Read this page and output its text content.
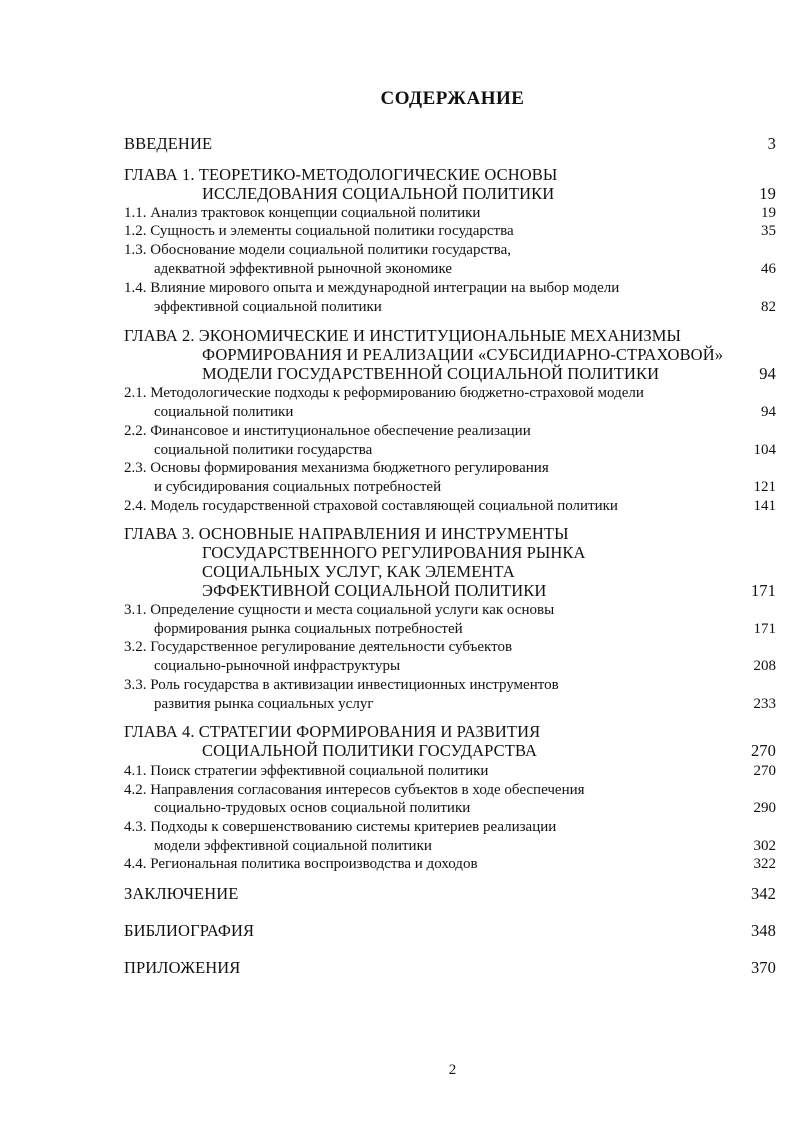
СОДЕРЖАНИЕ
ВВЕДЕНИЕ	3
ГЛАВА 1. ТЕОРЕТИКО-МЕТОДОЛОГИЧЕСКИЕ ОСНОВЫ
ИССЛЕДОВАНИЯ СОЦИАЛЬНОЙ ПОЛИТИКИ	19
1.1. Анализ трактовок концепции социальной политики	19
1.2. Сущность и элементы социальной политики государства	35
1.3. Обоснование модели социальной политики государства,
адекватной эффективной рыночной экономике	46
1.4. Влияние мирового опыта и международной интеграции на выбор модели
эффективной социальной политики	82
ГЛАВА 2. ЭКОНОМИЧЕСКИЕ И ИНСТИТУЦИОНАЛЬНЫЕ МЕХАНИЗМЫ
ФОРМИРОВАНИЯ И РЕАЛИЗАЦИИ «СУБСИДИАРНО-СТРАХОВОЙ»
МОДЕЛИ ГОСУДАРСТВЕННОЙ СОЦИАЛЬНОЙ ПОЛИТИКИ	94
2.1. Методологические подходы к реформированию бюджетно-страховой модели
социальной политики	94
2.2. Финансовое и институциональное обеспечение реализации
социальной политики государства	104
2.3. Основы формирования механизма бюджетного регулирования
и субсидирования социальных потребностей	121
2.4. Модель государственной страховой составляющей социальной политики	141
ГЛАВА 3. ОСНОВНЫЕ НАПРАВЛЕНИЯ И ИНСТРУМЕНТЫ
ГОСУДАРСТВЕННОГО РЕГУЛИРОВАНИЯ РЫНКА
СОЦИАЛЬНЫХ УСЛУГ, КАК ЭЛЕМЕНТА
ЭФФЕКТИВНОЙ СОЦИАЛЬНОЙ ПОЛИТИКИ	171
3.1. Определение сущности и места социальной услуги как основы
формирования рынка социальных потребностей	171
3.2. Государственное регулирование деятельности субъектов
социально-рыночной инфраструктуры	208
3.3. Роль государства в активизации инвестиционных инструментов
развития рынка социальных услуг	233
ГЛАВА 4. СТРАТЕГИИ ФОРМИРОВАНИЯ И РАЗВИТИЯ
СОЦИАЛЬНОЙ ПОЛИТИКИ ГОСУДАРСТВА	270
4.1. Поиск стратегии эффективной социальной политики	270
4.2. Направления согласования интересов субъектов в ходе обеспечения
социально-трудовых основ социальной политики	290
4.3. Подходы к совершенствованию системы критериев реализации
модели эффективной социальной политики	302
4.4. Региональная политика воспроизводства и доходов	322
ЗАКЛЮЧЕНИЕ	342
БИБЛИОГРАФИЯ	348
ПРИЛОЖЕНИЯ	370
2
